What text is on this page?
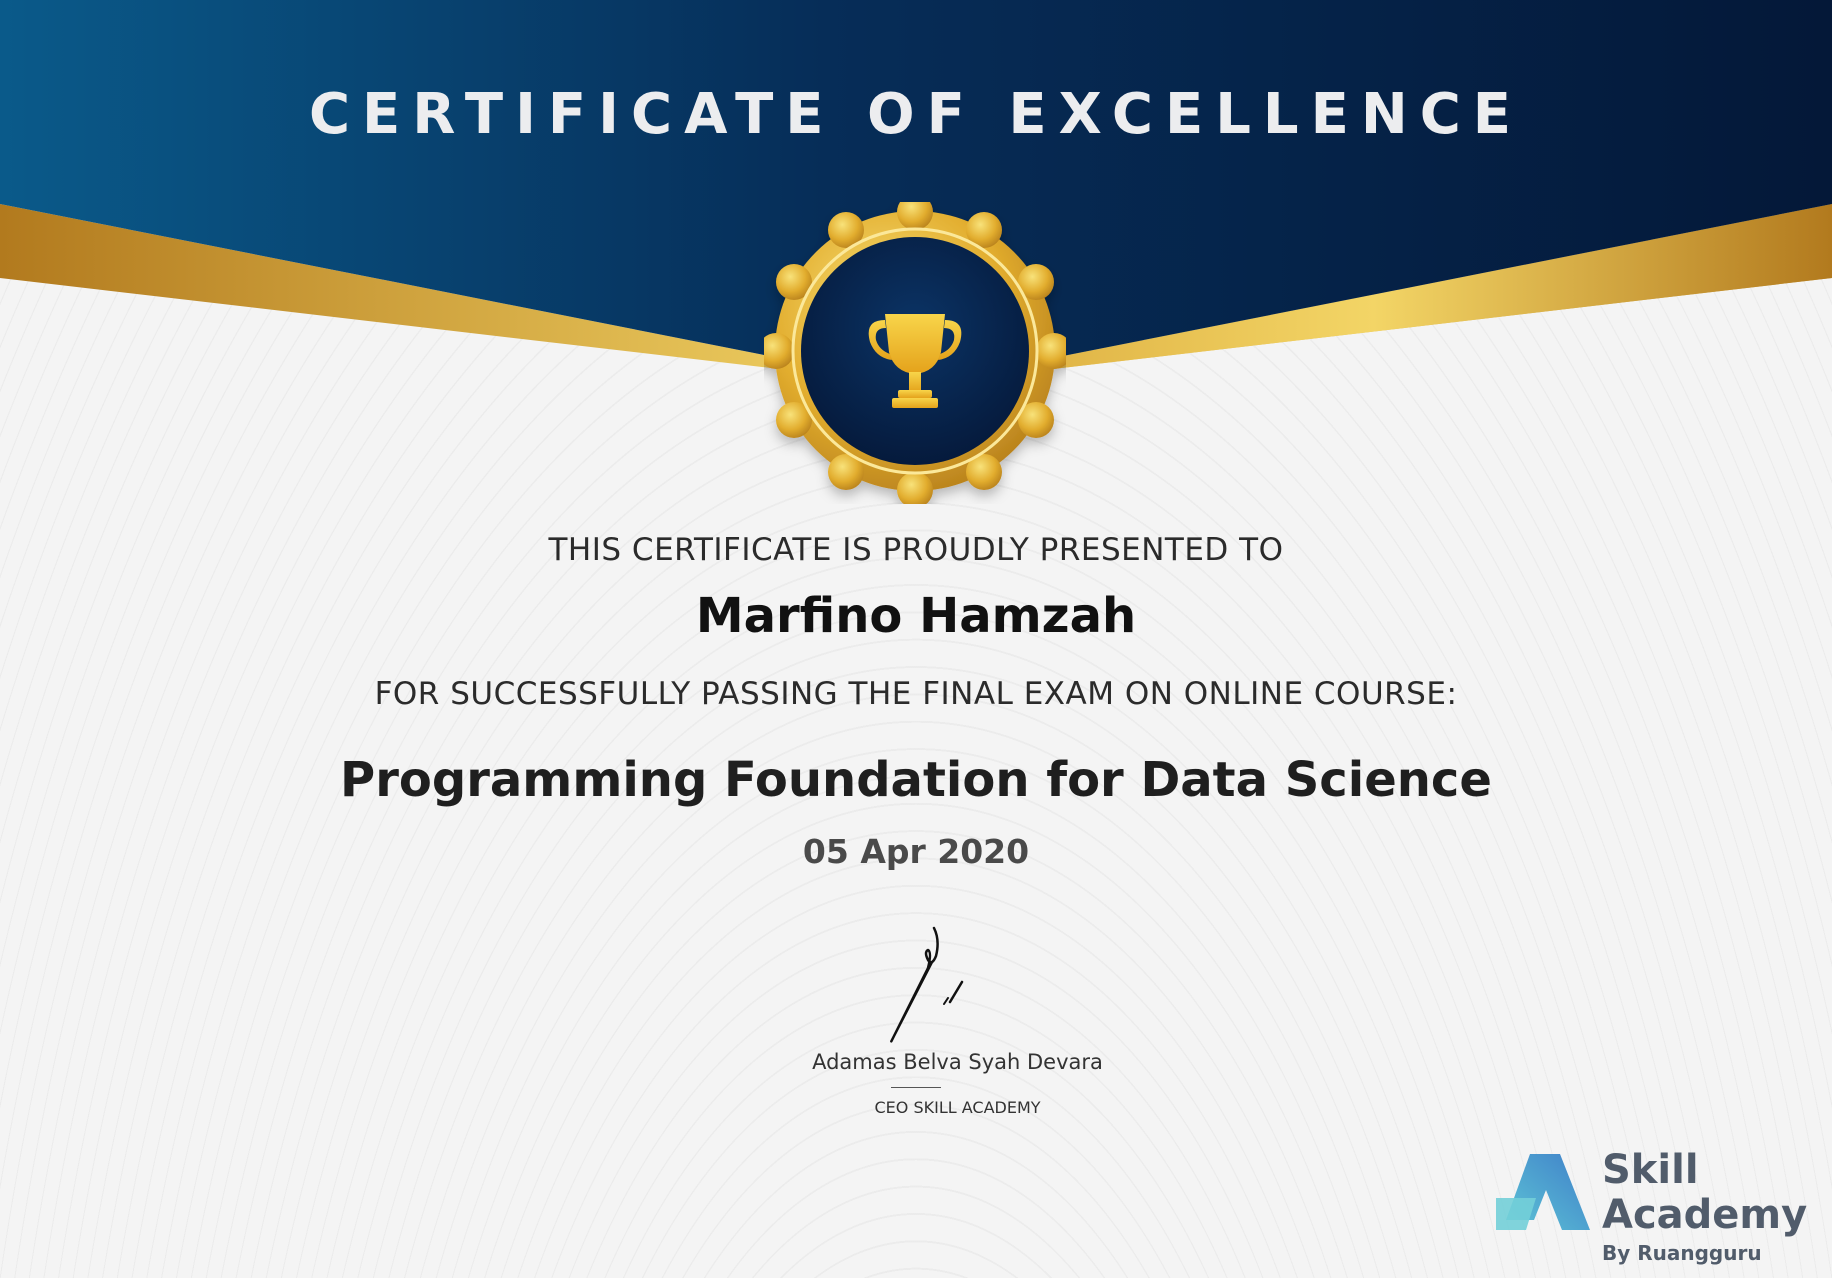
CERTIFICATE OF EXCELLENCE
THIS CERTIFICATE IS PROUDLY PRESENTED TO
Marfino Hamzah
FOR SUCCESSFULLY PASSING THE FINAL EXAM ON ONLINE COURSE:
Programming Foundation for Data Science
05 Apr 2020
Adamas Belva Syah Devara
CEO SKILL ACADEMY
Skill
Academy
By Ruangguru
